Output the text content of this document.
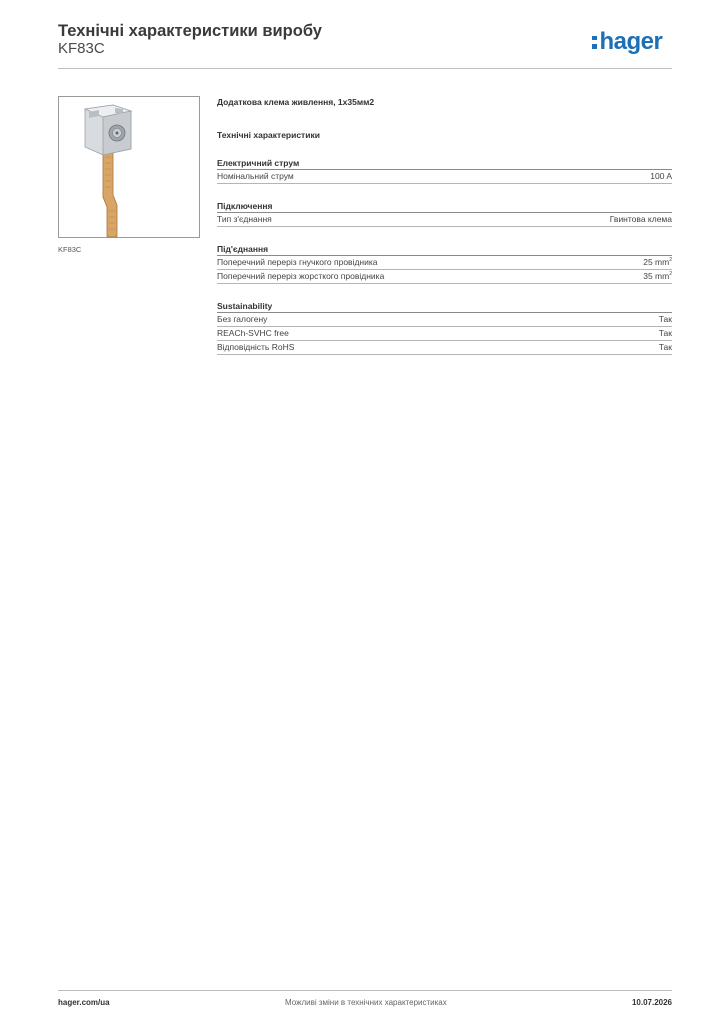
Технічні характеристики виробу
KF83C	hager
KF83C
Додаткова клема живлення, 1x35мм2
Технічні характеристики
Електричний струм
Номінальний струм	100 A
Підключення
Тип з'єднання	Гвинтова клема
Під'єднання
Поперечний переріз гнучкого провідника	25 $mm^2$
Поперечний переріз жорсткого провідника	35 $mm^2$
Sustainability
Без галогену	Так
REACh-SVHC free	Так
Відповідність RoHS	Так
hager.com/ua	Можливі зміни в технічних характеристиках	10.07.2026
